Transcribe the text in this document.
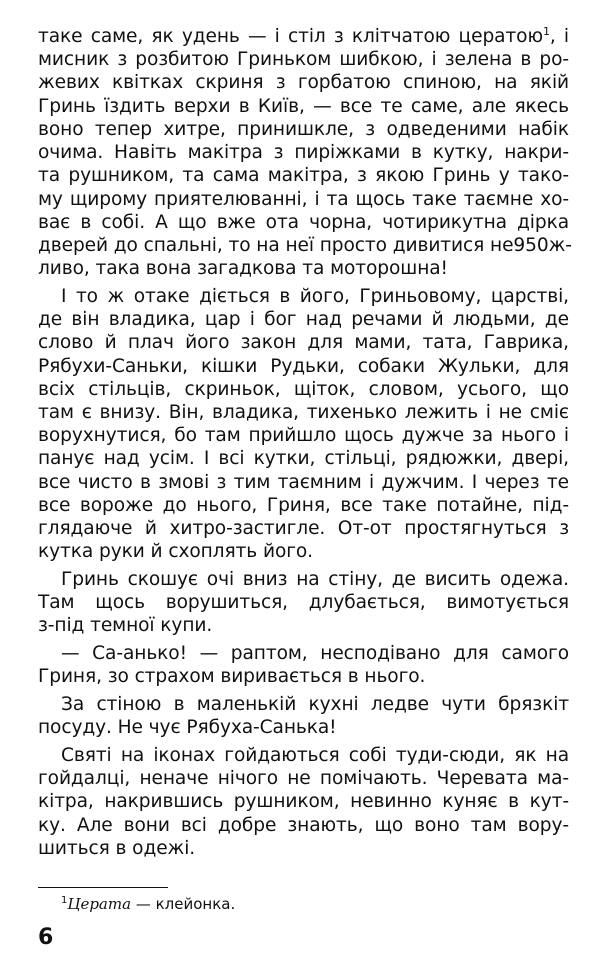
таке саме, як удень — і стіл з клітчатою цератою$^1$, і
мисник з розбитою Гриньком шибкою, і зелена в ро-
жевих квітках скриня з горбатою спиною, на якій
Гринь їздить верхи в Київ, — все те саме, але якесь
воно тепер хитре, принишкле, з одведеними набік
очима. Навіть макітра з пиріжками в кутку, накри-
та рушником, та сама макітра, з якою Гринь у тако-
му щирому приятелюванні, і та щось таке таємне хо-
ває в собі. А що вже ота чорна, чотирикутна дірка
дверей до спальні, то на неї просто дивитися не950ж-
ливо, така вона загадкова та моторошна!
І то ж отаке діється в його, Гриньовому, царстві,
де він владика, цар і бог над речами й людьми, де
слово й плач його закон для мами, тата, Гаврика,
Рябухи-Саньки, кішки Рудьки, собаки Жульки, для
всіх стільців, скриньок, щіток, словом, усього, що
там є внизу. Він, владика, тихенько лежить і не сміє
ворухнутися, бо там прийшло щось дужче за нього і
панує над усім. І всі кутки, стільці, рядюжки, двері,
все чисто в змові з тим таємним і дужчим. І через те
все вороже до нього, Гриня, все таке потайне, під-
глядаюче й хитро-застигле. От-от простягнуться з
кутка руки й схоплять його.
Гринь скошує очі вниз на стіну, де висить одежа.
Там щось ворушиться, длубається, вимотується
з-під темної купи.
— Са-анько! — раптом, несподівано для самого
Гриня, зо страхом виривається в нього.
За стіною в маленькій кухні ледве чути брязкіт
посуду. Не чує Рябуха-Санька!
Святі на іконах гойдаються собі туди-сюди, як на
гойдалці, неначе нічого не помічають. Черевата ма-
кітра, накрившись рушником, невинно куняє в кут-
ку. Але вони всі добре знають, що воно там вору-
шиться в одежі.
$^1$Церата — клейонка.
6
